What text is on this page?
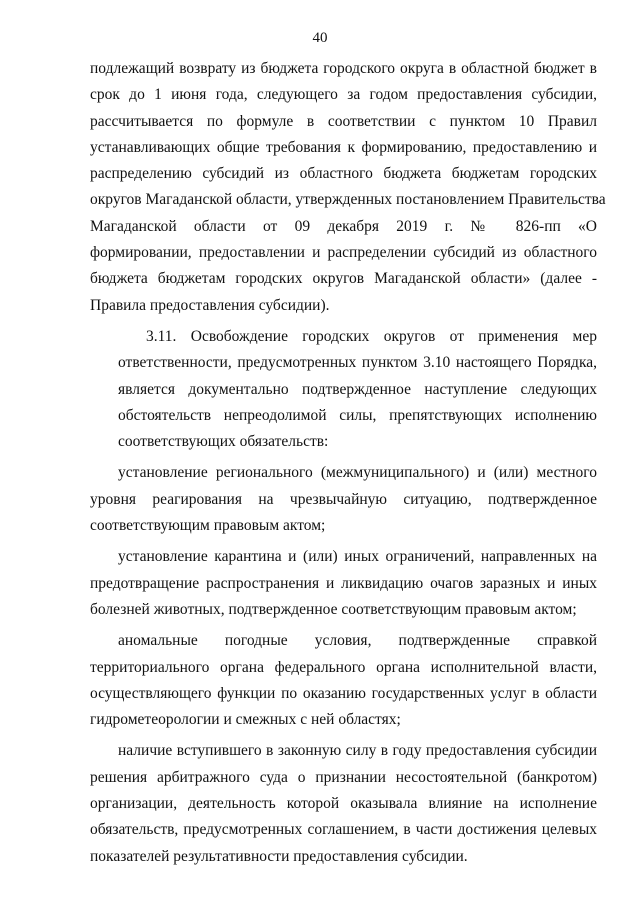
40
подлежащий возврату из бюджета городского округа в областной бюджет в
срок до 1 июня года, следующего за годом предоставления субсидии,
рассчитывается по формуле в соответствии с пунктом 10 Правил
устанавливающих общие требования к формированию, предоставлению и
распределению субсидий из областного бюджета бюджетам городских
округов Магаданской области, утвержденных постановлением Правительства
Магаданской области от 09 декабря 2019 г. № 826-пп «О
формировании, предоставлении и распределении субсидий из областного
бюджета бюджетам городских округов Магаданской области» (далее -
Правила предоставления субсидии).
3.11. Освобождение городских округов от применения мер
ответственности, предусмотренных пунктом 3.10 настоящего Порядка,
является документально подтвержденное наступление следующих
обстоятельств непреодолимой силы, препятствующих исполнению
соответствующих обязательств:
установление регионального (межмуниципального) и (или) местного
уровня реагирования на чрезвычайную ситуацию, подтвержденное
соответствующим правовым актом;
установление карантина и (или) иных ограничений, направленных на
предотвращение распространения и ликвидацию очагов заразных и иных
болезней животных, подтвержденное соответствующим правовым актом;
аномальные погодные условия, подтвержденные справкой
территориального органа федерального органа исполнительной власти,
осуществляющего функции по оказанию государственных услуг в области
гидрометеорологии и смежных с ней областях;
наличие вступившего в законную силу в году предоставления субсидии
решения арбитражного суда о признании несостоятельной (банкротом)
организации, деятельность которой оказывала влияние на исполнение
обязательств, предусмотренных соглашением, в части достижения целевых
показателей результативности предоставления субсидии.
